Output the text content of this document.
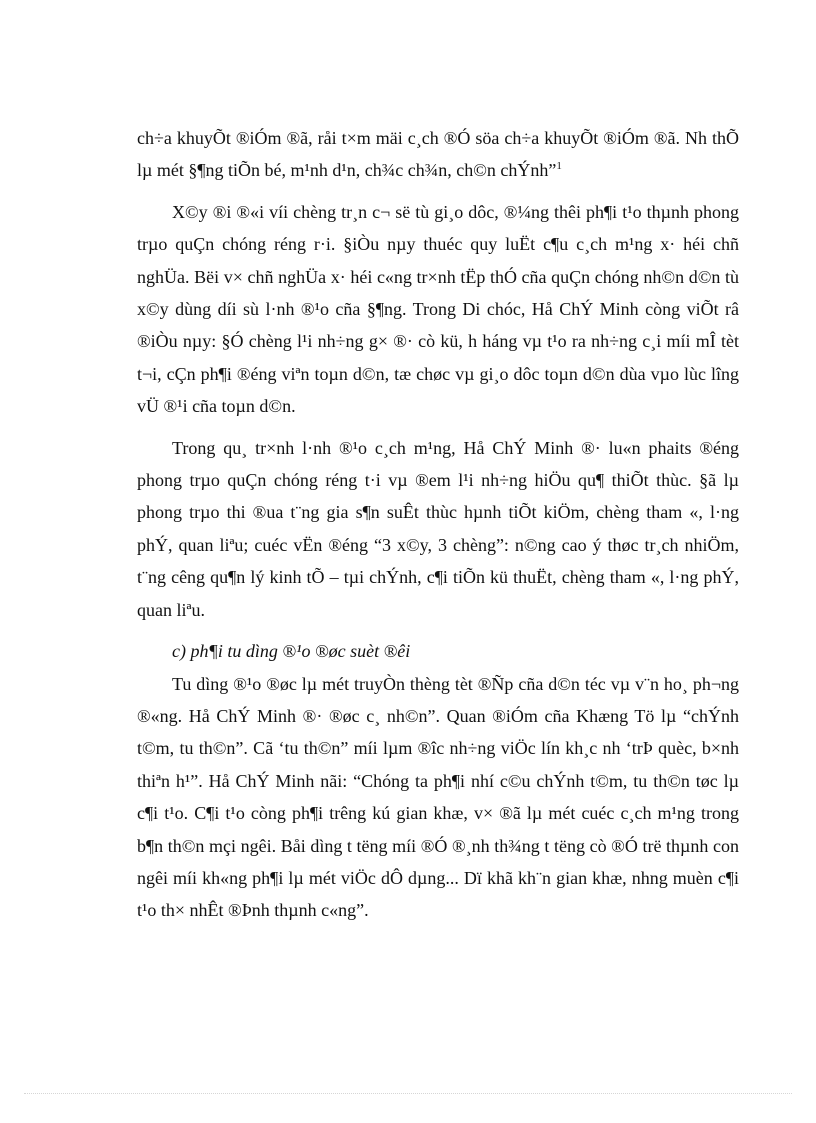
ch÷a khuyÕt ®iÓm ®ã, råi t×m mäi c¸ch ®Ó söa ch÷a khuyÕt ®iÓm ®ã. Nh thÕ lµ mét §¶ng tiÕn bé, m¹nh d¹n, ch¾c ch¾n, ch©n chÝnh”$^1$

X©y ®i ®«i víi chèng tr¸n c¬ së tù gi¸o dôc, ®¼ng thêi ph¶i t¹o thµnh phong trµo quÇn chóng réng r·i. §iÒu nµy thuéc quy luËt c¶u c¸ch m¹ng x· héi chñ nghÜa. Bëi v× chñ nghÜa x· héi c«ng tr×nh tËp thÓ cña quÇn chóng nh©n d©n tù x©y dùng díi sù l·nh ®¹o cña §¶ng. Trong Di chóc, Hå ChÝ Minh còng viÕt râ ®iÒu nµy: §Ó chèng l¹i nh÷ng g× ®· cò kü, h háng vµ t¹o ra nh÷ng c¸i míi mÎ tèt t¬i, cÇn ph¶i ®éng viªn toµn d©n, tæ chøc vµ gi¸o dôc toµn d©n dùa vµo lùc lîng vÜ ®¹i cña toµn d©n.

Trong qu¸ tr×nh l·nh ®¹o c¸ch m¹ng, Hå ChÝ Minh ®· lu«n phaits ®éng phong trµo quÇn chóng réng t·i vµ ®em l¹i nh÷ng hiÖu qu¶ thiÕt thùc. §ã lµ phong trµo thi ®ua t¨ng gia s¶n suÊt thùc hµnh tiÕt kiÖm, chèng tham «, l·ng phÝ, quan liªu; cuéc vËn ®éng “3 x©y, 3 chèng”: n©ng cao ý thøc tr¸ch nhiÖm, t¨ng cêng qu¶n lý kinh tÕ – tµi chÝnh, c¶i tiÕn kü thuËt, chèng tham «, l·ng phÝ, quan liªu.

c) ph¶i tu dìng ®¹o ®øc suèt ®êi

Tu dìng ®¹o ®øc lµ mét truyÒn thèng tèt ®Ñp cña d©n téc vµ v¨n ho¸ ph¬ng ®«ng. Hå ChÝ Minh ®· ®øc c¸ nh©n”. Quan ®iÓm cña Khæng Tö lµ “chÝnh t©m, tu th©n”. Cã ‘tu th©n” míi lµm ®îc nh÷ng viÖc lín kh¸c nh ‘trÞ quèc, b×nh thiªn h¹”. Hå ChÝ Minh nãi: “Chóng ta ph¶i nhí c©u chÝnh t©m, tu th©n tøc lµ c¶i t¹o. C¶i t¹o còng ph¶i trêng kú gian khæ, v× ®ã lµ mét cuéc c¸ch m¹ng trong b¶n th©n mçi ngêi. Båi dìng t tëng míi ®Ó ®¸nh th¾ng t tëng cò ®Ó trë thµnh con ngêi míi kh«ng ph¶i lµ mét viÖc dÔ dµng... Dï khã kh¨n gian khæ, nhng muèn c¶i t¹o th× nhÊt ®Þnh thµnh c«ng”.
